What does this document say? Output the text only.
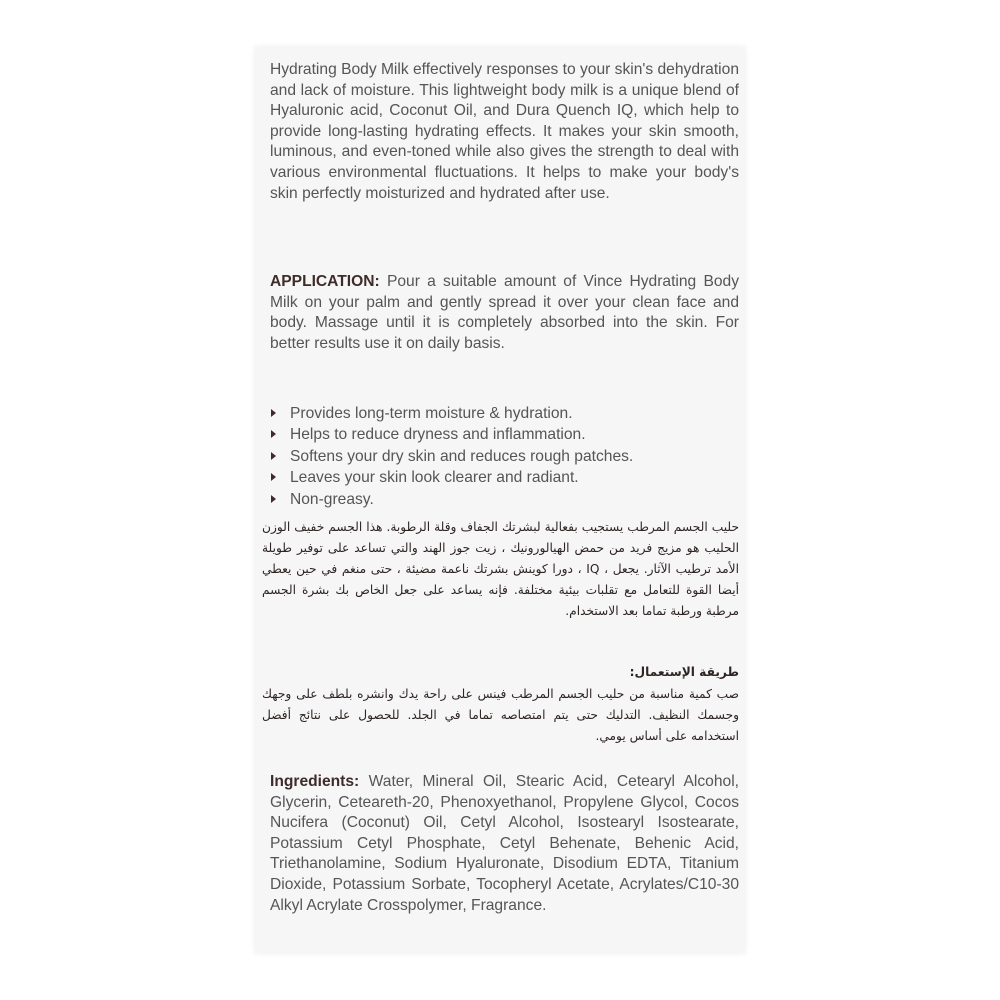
Hydrating Body Milk effectively responses to your skin's dehydration and lack of moisture. This lightweight body milk is a unique blend of Hyaluronic acid, Coconut Oil, and Dura Quench IQ, which help to provide long-lasting hydrating effects. It makes your skin smooth, luminous, and even-toned while also gives the strength to deal with various environmental fluctuations. It helps to make your body's skin perfectly moisturized and hydrated after use.

APPLICATION: Pour a suitable amount of Vince Hydrating Body Milk on your palm and gently spread it over your clean face and body. Massage until it is completely absorbed into the skin. For better results use it on daily basis.

Provides long-term moisture & hydration.
Helps to reduce dryness and inflammation.
Softens your dry skin and reduces rough patches.
Leaves your skin look clearer and radiant.
Non-greasy.

حليب الجسم المرطب يستجيب بفعالية لبشرتك الجفاف وقلة الرطوبة. هذا الجسم خفيف الوزن الحليب هو مزيج فريد من حمض الهيالورونيك ، زيت جوز الهند والتي تساعد على توفير طويلة الأمد ترطيب الآثار. يجعل ، IQ ، دورا كوينش بشرتك ناعمة مضيئة ، حتى منغم في حين يعطي أيضا القوة للتعامل مع تقلبات بيئية مختلفة. فإنه يساعد على جعل الخاص بك بشرة الجسم مرطبة ورطبة تماما بعد الاستخدام.

طريقة الإستعمال:

صب كمية مناسبة من حليب الجسم المرطب فينس على راحة يدك وانشره بلطف على وجهك وجسمك النظيف. التدليك حتى يتم امتصاصه تماما في الجلد. للحصول على نتائج أفضل استخدامه على أساس يومي.

Ingredients: Water, Mineral Oil, Stearic Acid, Cetearyl Alcohol, Glycerin, Ceteareth-20, Phenoxyethanol, Propylene Glycol, Cocos Nucifera (Coconut) Oil, Cetyl Alcohol, Isostearyl Isostearate, Potassium Cetyl Phosphate, Cetyl Behenate, Behenic Acid, Triethanolamine, Sodium Hyaluronate, Disodium EDTA, Titanium Dioxide, Potassium Sorbate, Tocopheryl Acetate, Acrylates/C10-30 Alkyl Acrylate Crosspolymer, Fragrance.
